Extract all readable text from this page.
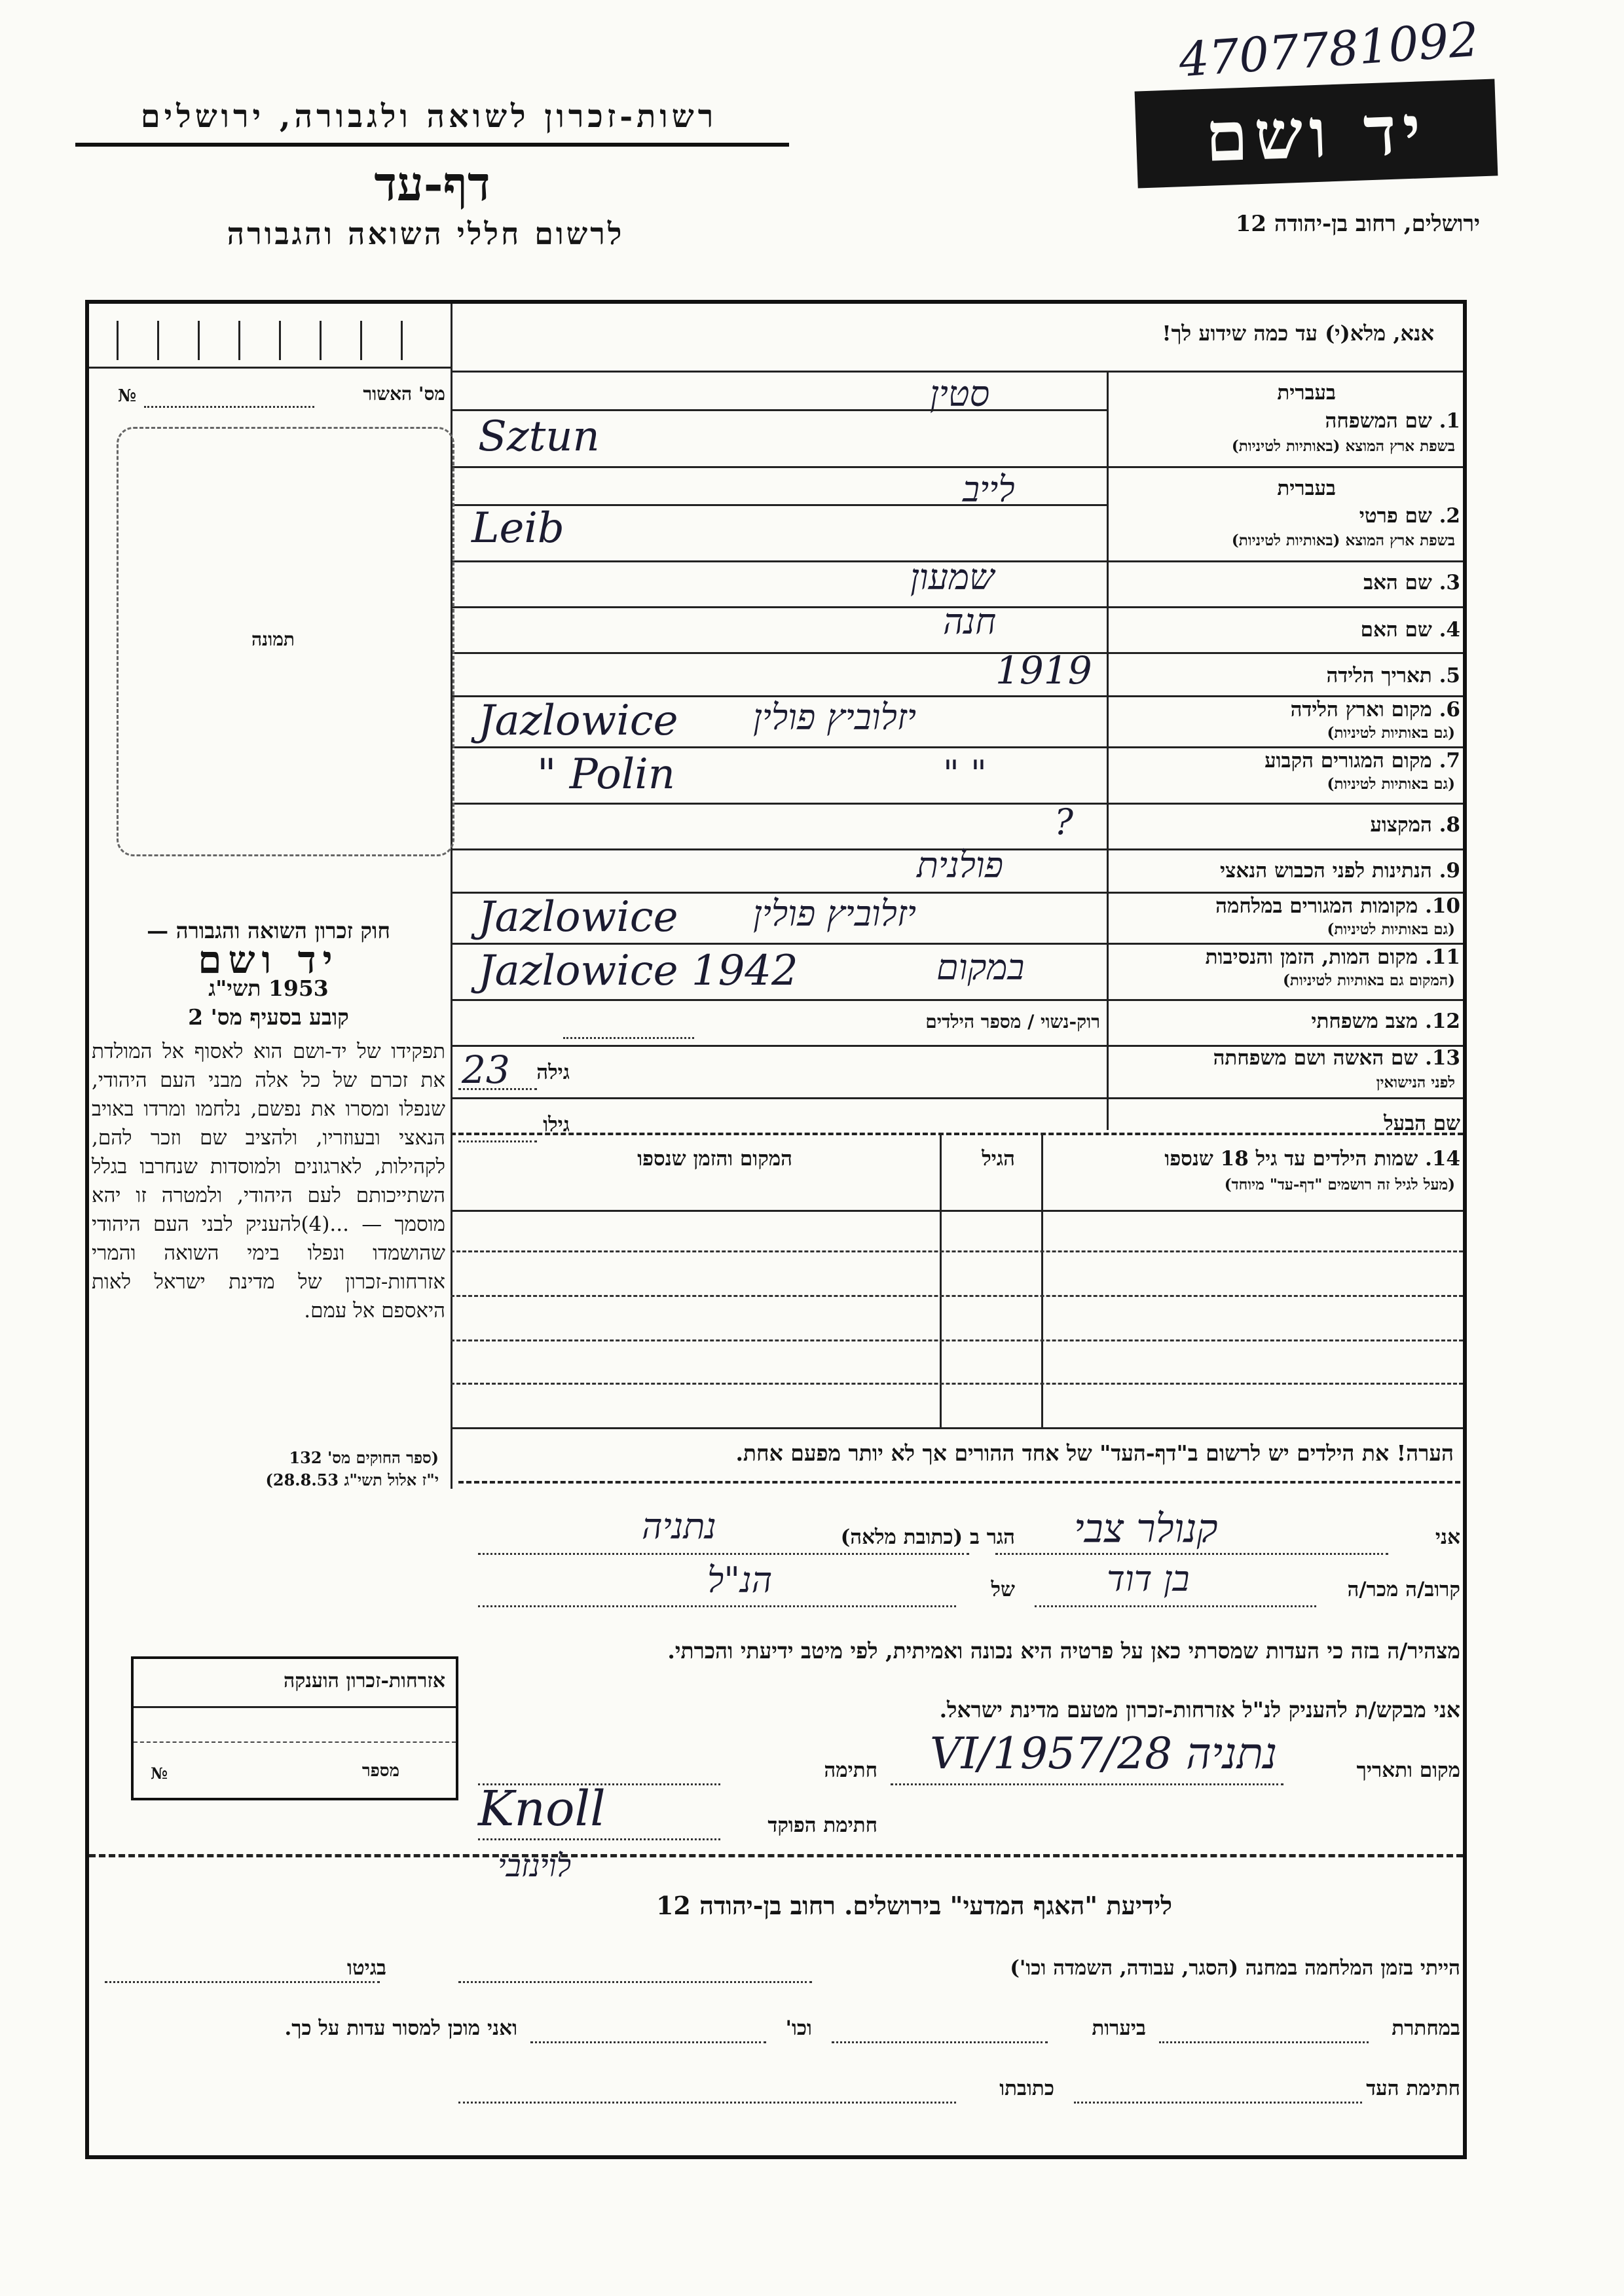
4707781092
רשות-זכרון לשואה ולגבורה, ירושלים
דף-עד
לרשום חללי השואה והגבורה
יד ושם
ירושלים, רחוב בן-יהודה 12
אנא, מלא(י) עד כמה שידוע לך!
בעברית
1. שם המשפחה
בשפת ארץ המוצא (באותיות לטיניות)
סטין
Sztun
בעברית
2. שם פרטי
בשפת ארץ המוצא (באותיות לטיניות)
לייב
Leib
3. שם האב
שמעון
4. שם האם
חנה
5. תאריך הלידה
1919
6. מקום וארץ הלידה
(גם באותיות לטיניות)
יזלוביץ פולין
Jazlowice
7. מקום המגורים הקבוע
(גם באותיות לטיניות)
" "
" Polin
8. המקצוע
?
9. הנתינות לפני הכבוש הנאצי
פולנית
10. מקומות המגורים במלחמה
(גם באותיות לטיניות)
יזלוביץ פולין
Jazlowice
11. מקום המות, הזמן והנסיבות
(המקום גם באותיות לטיניות)
במקום
Jazlowice 1942
12. מצב משפחתי
רוק-נשוי / מספר הילדים
13. שם האשה ושם משפחתה
לפני הנישואין
גילה
23
שם הבעל
גילו
14. שמות הילדים עד גיל 18 שנספו
(מעל לגיל זה רושמים "דף-עד" מיוחד)
הגיל
המקום והזמן שנספו
הערה! את הילדים יש לרשום ב"דף-העד" של אחד ההורים אך לא יותר מפעם אחת.
מס' האשור
№
תמונה
חוק זכרון השואה והגבורה —
יד ושם
1953 תשי"ג
קובע בסעיף מס' 2
תפקידו של יד-ושם הוא לאסוף אל המולדת את זכרם של כל אלה מבני העם היהודי, שנפלו ומסרו את נפשם, נלחמו ומרדו באויב הנאצי ובעוזריו, ולהציב שם וזכר להם, לקהילות, לארגונים ולמוסדות שנחרבו בגלל השתייכותם לעם היהודי, ולמטרה זו יהא מוסמך — ...(4)להעניק לבני העם היהודי שהושמדו ונפלו בימי השואה והמרי אזרחות-זכרון של מדינת ישראל לאות היאספם אל עמם.
(ספר החוקים מס' 132
י"ז אלול תשי"ג 28.8.53)
אזרחות-זכרון הוענקה
מספר
№
אני
קנולר צבי
הגר ב (כתובת מלאה)
נתניה
קרוב/ה מכר/ה
בן דוד
של
הנ"ל
מצהיר/ה בזה כי העדות שמסרתי כאן על פרטיה היא נכונה ואמיתית, לפי מיטב ידיעתי והכרתי.
אני מבקש/ת להעניק לנ"ל אזרחות-זכרון מטעם מדינת ישראל.
מקום ותאריך
נתניה 28/VI/1957
חתימה
חתימת הפוקד
Knoll
לוינזבי
לידיעת "האגף המדעי" בירושלים. רחוב בן-יהודה 12
הייתי בזמן המלחמה במחנה (הסגר, עבודה, השמדה וכו')
בגיטו
במחתרת
ביערות
וכו'
ואני מוכן למסור עדות על כך.
חתימת העד
כתובתו
